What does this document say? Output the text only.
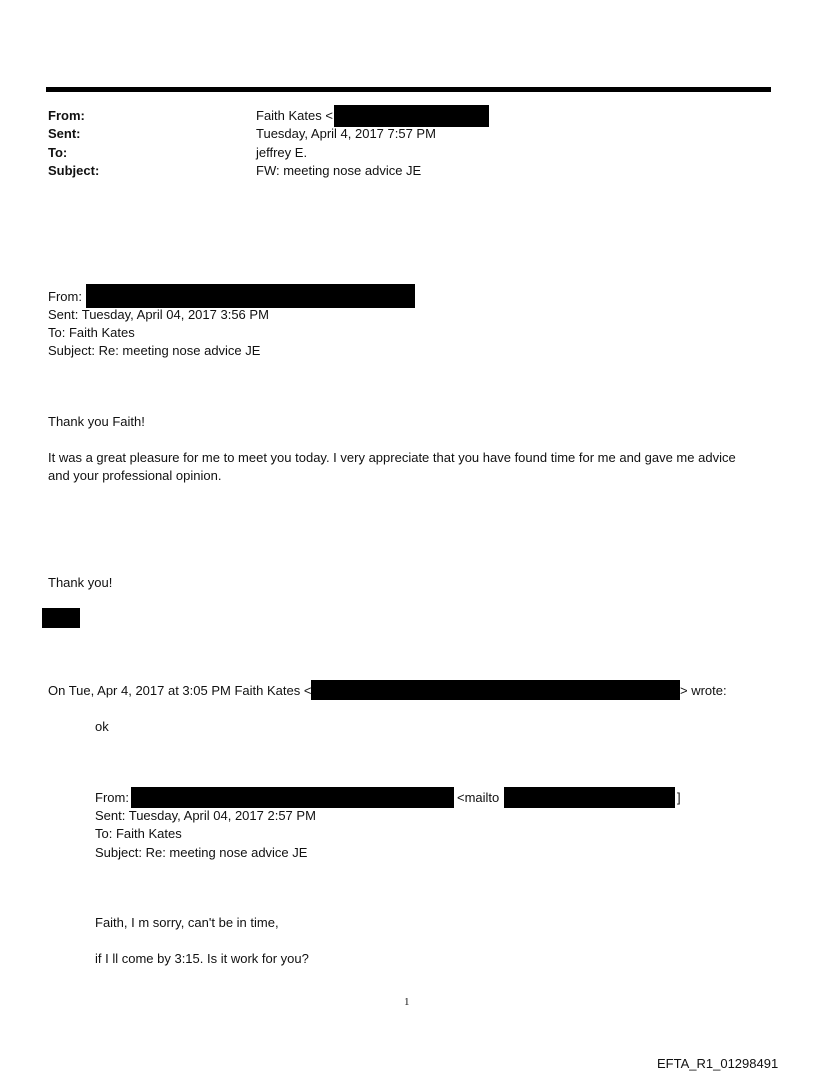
From:	Faith Kates <
Sent:	Tuesday, April 4, 2017 7:57 PM
To:	jeffrey E.
Subject:	FW: meeting nose advice JE
From:
Sent: Tuesday, April 04, 2017 3:56 PM
To: Faith Kates
Subject: Re: meeting nose advice JE
Thank you Faith!
It was a great pleasure for me to meet you today. I very appreciate that you have found time for me and gave me advice
and your professional opinion.
Thank you!
On Tue, Apr 4, 2017 at 3:05 PM Faith Kates <	> wrote:
ok
From:	<mailto	]
Sent: Tuesday, April 04, 2017 2:57 PM
To: Faith Kates
Subject: Re: meeting nose advice JE
Faith, I m sorry, can't be in time,
if I ll come by 3:15. Is it work for you?
1
EFTA_R1_01298491
